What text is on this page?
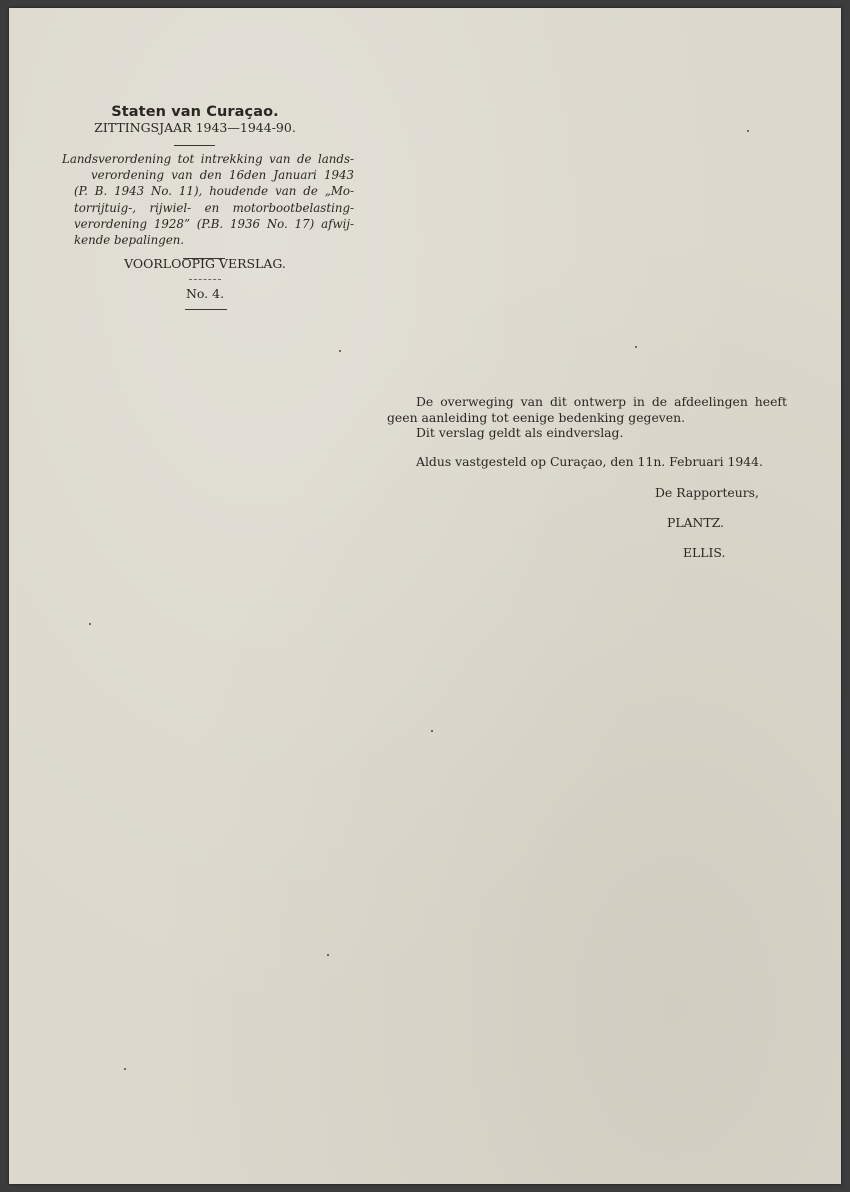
Staten van Curaçao.
ZITTINGSJAAR 1943—1944-90.
Landsverordening tot intrekking van de lands-
verordening van den 16den Januari 1943
(P. B. 1943 No. 11), houdende van de „Mo-
torrijtuig-, rijwiel- en motorbootbelasting-
verordening 1928” (P.B. 1936 No. 17) afwij-
kende bepalingen.
VOORLOOPIG VERSLAG.
No. 4.
De overweging van dit ontwerp in de afdeelingen heeft
geen aanleiding tot eenige bedenking gegeven.
Dit verslag geldt als eindverslag.
Aldus vastgesteld op Curaçao, den 11n. Februari 1944.
De Rapporteurs,
PLANTZ.
ELLIS.
